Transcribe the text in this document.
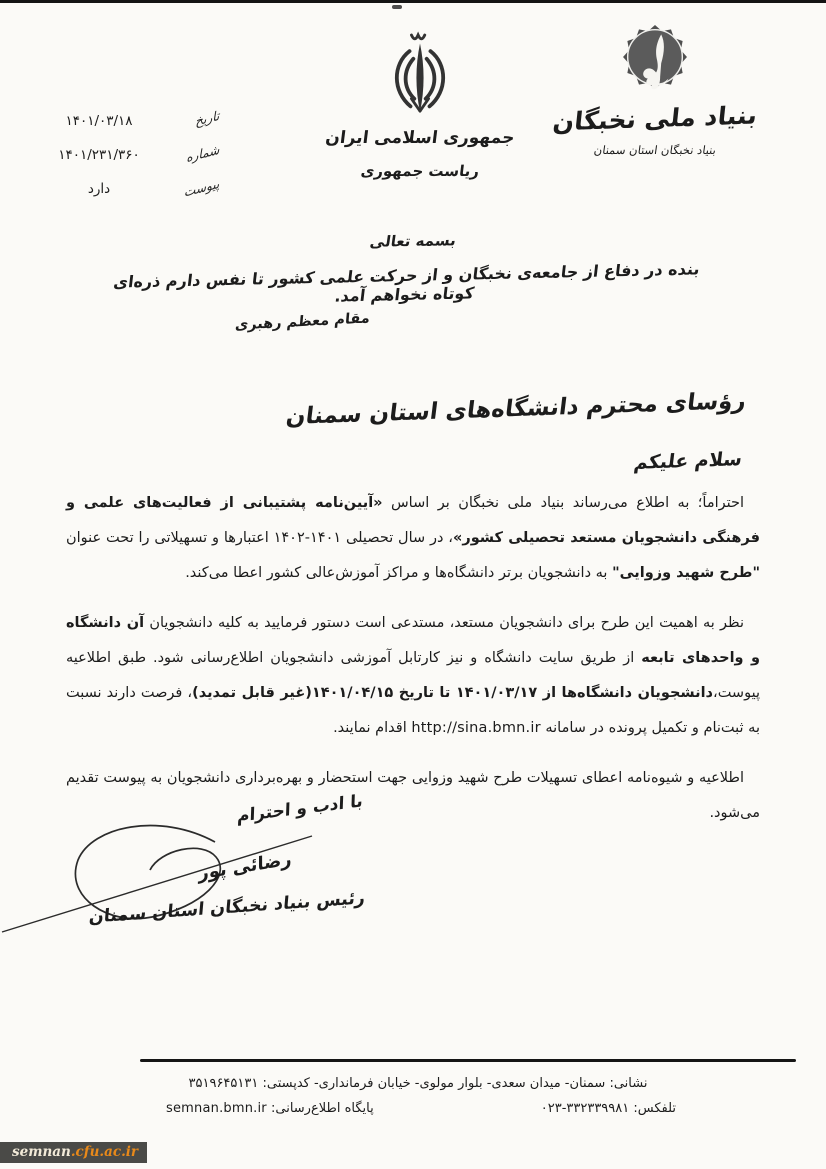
بنیاد ملی نخبگان
بنیاد نخبگان استان سمنان
جمهوری اسلامی ایران
ریاست جمهوری
تاریخ
۱۴۰۱/۰۳/۱۸
شماره
۱۴۰۱/۲۳۱/۳۶۰
پیوست
دارد
بسمه تعالی
بنده در دفاع از جامعه‌ی نخبگان و از حرکت علمی کشور تا نفس دارم ذره‌ای کوتاه نخواهم آمد.
مقام معظم رهبری
رؤسای محترم دانشگاه‌های استان سمنان
سلام علیکم

احتراماً؛ به اطلاع می‌رساند بنیاد ملی نخبگان بر اساس «آیین‌نامه پشتیبانی از فعالیت‌های علمی و فرهنگی دانشجویان مستعد تحصیلی کشور»، در سال تحصیلی ۱۴۰۱-۱۴۰۲ اعتبارها و تسهیلاتی را تحت عنوان "طرح شهید وزوایی" به دانشجویان برتر دانشگاه‌ها و مراکز آموزش‌عالی کشور اعطا می‌کند.

نظر به اهمیت این طرح برای دانشجویان مستعد، مستدعی است دستور فرمایید به کلیه دانشجویان آن دانشگاه و واحدهای تابعه از طریق سایت دانشگاه و نیز کارتابل آموزشی دانشجویان اطلاع‌رسانی شود. طبق اطلاعیه پیوست،دانشجویان دانشگاه‌ها از ۱۴۰۱/۰۳/۱۷ تا تاریخ ۱۴۰۱/۰۴/۱۵(غیر قابل تمدید)، فرصت دارند نسبت به ثبت‌نام و تکمیل پرونده در سامانه http://sina.bmn.ir اقدام نمایند.

اطلاعیه و شیوه‌نامه اعطای تسهیلات طرح شهید وزوایی جهت استحضار و بهره‌برداری دانشجویان به پیوست تقدیم می‌شود.

با ادب و احترام
رضائی پور
رئیس بنیاد نخبگان استان سمنان
نشانی: سمنان- میدان سعدی- بلوار مولوی- خیابان فرمانداری- کدپستی: ۳۵۱۹۶۴۵۱۳۱
تلفکس: ۳۳۲۳۳۹۹۸۱-۰۲۳
پایگاه اطلاع‌رسانی: semnan.bmn.ir
semnan.cfu.ac.ir
